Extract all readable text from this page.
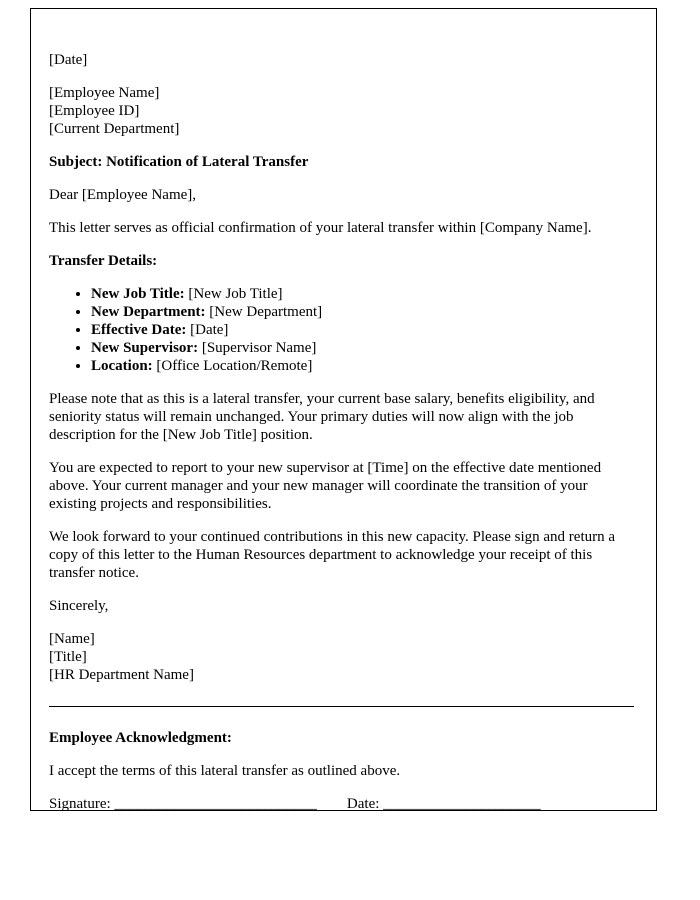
[Date]

[Employee Name]
[Employee ID]
[Current Department]

Subject: Notification of Lateral Transfer

Dear [Employee Name],

This letter serves as official confirmation of your lateral transfer within [Company Name].

Transfer Details:

• New Job Title: [New Job Title]
• New Department: [New Department]
• Effective Date: [Date]
• New Supervisor: [Supervisor Name]
• Location: [Office Location/Remote]

Please note that as this is a lateral transfer, your current base salary, benefits eligibility, and seniority status will remain unchanged. Your primary duties will now align with the job description for the [New Job Title] position.

You are expected to report to your new supervisor at [Time] on the effective date mentioned above. Your current manager and your new manager will coordinate the transition of your existing projects and responsibilities.

We look forward to your continued contributions in this new capacity. Please sign and return a copy of this letter to the Human Resources department to acknowledge your receipt of this transfer notice.

Sincerely,

[Name]
[Title]
[HR Department Name]

Employee Acknowledgment:

I accept the terms of this lateral transfer as outlined above.

Signature: ___________________________ Date: _____________________
